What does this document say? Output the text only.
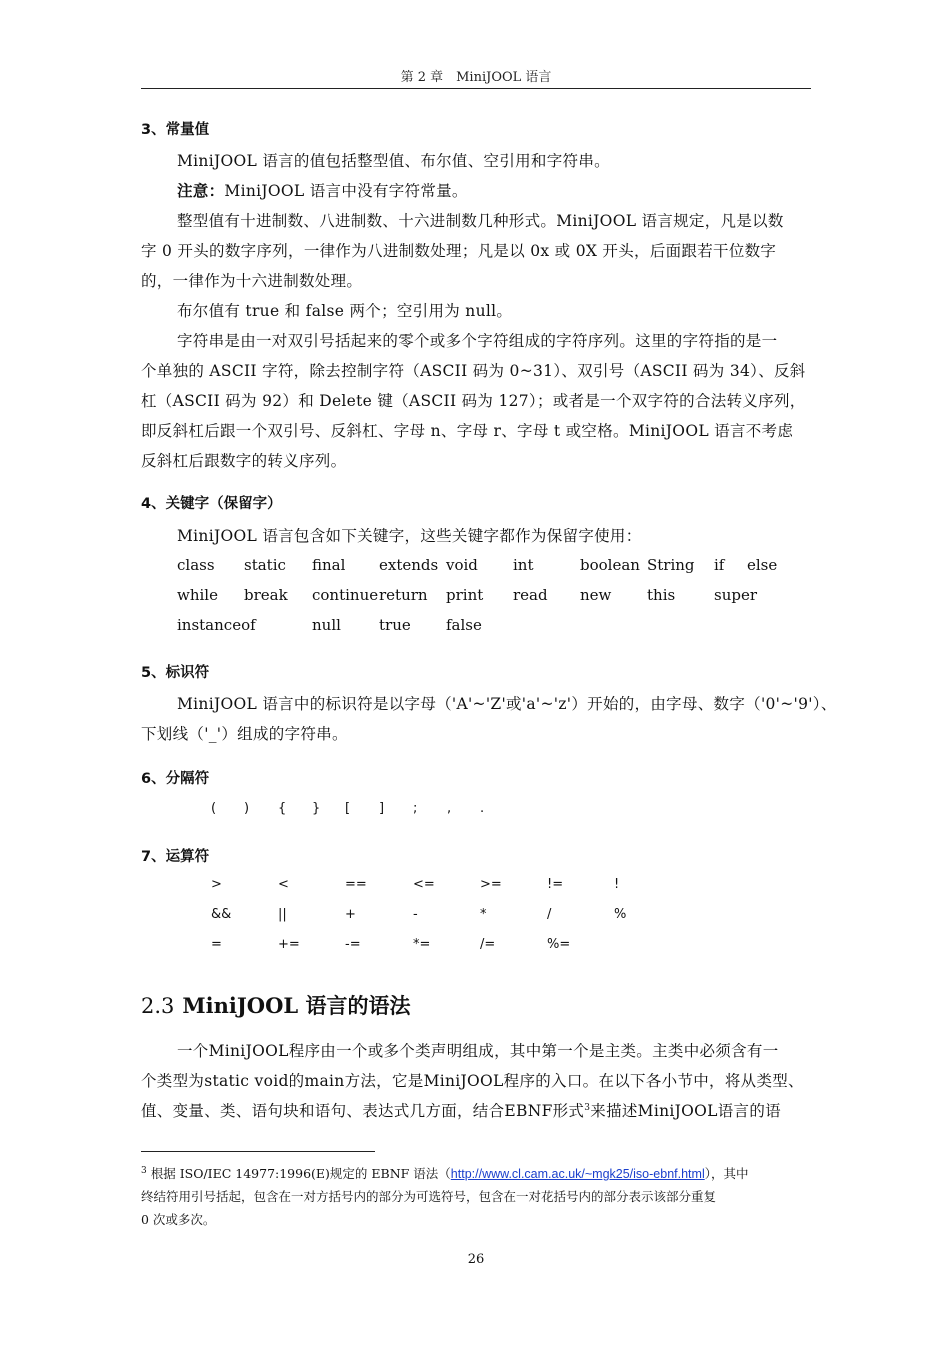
第 2 章　MiniJOOL 语言
3、常量值
MiniJOOL 语言的值包括整型值、布尔值、空引用和字符串。
注意：MiniJOOL 语言中没有字符常量。
整型值有十进制数、八进制数、十六进制数几种形式。MiniJOOL 语言规定，凡是以数
字 0 开头的数字序列，一律作为八进制数处理；凡是以 0x 或 0X 开头，后面跟若干位数字
的，一律作为十六进制数处理。
布尔值有 true 和 false 两个；空引用为 null。
字符串是由一对双引号括起来的零个或多个字符组成的字符序列。这里的字符指的是一
个单独的 ASCII 字符，除去控制字符（ASCII 码为 0~31）、双引号（ASCII 码为 34）、反斜
杠（ASCII 码为 92）和 Delete 键（ASCII 码为 127）；或者是一个双字符的合法转义序列，
即反斜杠后跟一个双引号、反斜杠、字母 n、字母 r、字母 t 或空格。MiniJOOL 语言不考虑
反斜杠后跟数字的转义序列。
4、关键字（保留字）
MiniJOOL 语言包含如下关键字，这些关键字都作为保留字使用：
class static final extends void int	boolean String if else
while break continue return print read new this	super
instanceof	null	true false
5、标识符
MiniJOOL 语言中的标识符是以字母（'A'~'Z'或'a'~'z'）开始的，由字母、数字（'0'~'9'）、
下划线（'_'）组成的字符串。
6、分隔符
( ) { } [ ] ; , .
7、运算符
>	<	==	<=	>=	!=	!
&&	||	+	-	*	/	%
=	+=	-=	*=	/=	%=
2.3 MiniJOOL 语言的语法
一个MiniJOOL程序由一个或多个类声明组成，其中第一个是主类。主类中必须含有一
个类型为static void的main方法，它是MiniJOOL程序的入口。在以下各小节中，将从类型、
值、变量、类、语句块和语句、表达式几方面，结合EBNF形式$^3$来描述MiniJOOL语言的语
$^3$ 根据 ISO/IEC 14977:1996(E)规定的 EBNF 语法（http://www.cl.cam.ac.uk/~mgk25/iso-ebnf.html），其中
终结符用引号括起，包含在一对方括号内的部分为可选符号，包含在一对花括号内的部分表示该部分重复
0 次或多次。
26
